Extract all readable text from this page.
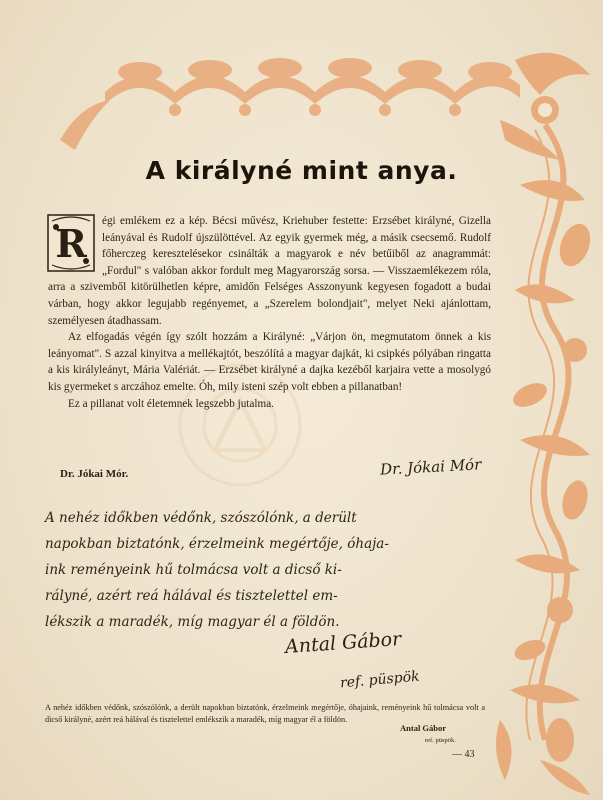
A királyné mint anya.

R égi emlékem ez a kép. Bécsi művész, Kriehuber festette: Erzsébet királyné, Gizella leányával és Rudolf újszülöttével. Az egyik gyermek még, a másik csecsemő. Rudolf főherczeg keresztelésekor csinálták a magyarok e név betűiből az anagrammát: „Fordul" s valóban akkor fordult meg Magyarország sorsa. — Visszaemlékezem róla, arra a szivemből kitörülhetlen képre, amidőn Felséges Asszonyunk kegyesen fogadott a budai várban, hogy akkor legujabb regényemet, a „Szerelem bolondjait", melyet Neki ajánlottam, személyesen átadhassam.

Az elfogadás végén így szólt hozzám a Királyné: „Várjon ön, megmutatom önnek a kis leányomat". S azzal kinyitva a mellékajtót, beszólítá a magyar dajkát, ki csipkés pólyában ringatta a kis királyleányt, Mária Valériát. — Erzsébet királyné a dajka kezéből karjaira vette a mosolygó kis gyermeket s arczához emelte. Óh, mily isteni szép volt ebben a pillanatban!

Ez a pillanat volt életemnek legszebb jutalma.

Dr. Jókai Mór.	Dr. Jókai Mór
A nehéz időkben védőnk, szószólónk, a derült
napokban biztatónk, érzelmeink megértője, óhaja-
ink reményeink hű tolmácsa volt a dicső ki-
rályné, azért reá hálával és tisztelettel em-
lékszik a maradék, míg magyar él a földön.
Antal Gábor
ref. püspök
A nehéz időkben védőnk, szószólónk, a derült napokban biztatónk, érzelmeink megértője, óhajaink, reményeink hű tolmácsa volt a dicső királyné, azért reá hálával és tisztelettel emlékszik a maradék, míg magyar él a földön.
Antal Gábor
ref. püspök.
— 43
